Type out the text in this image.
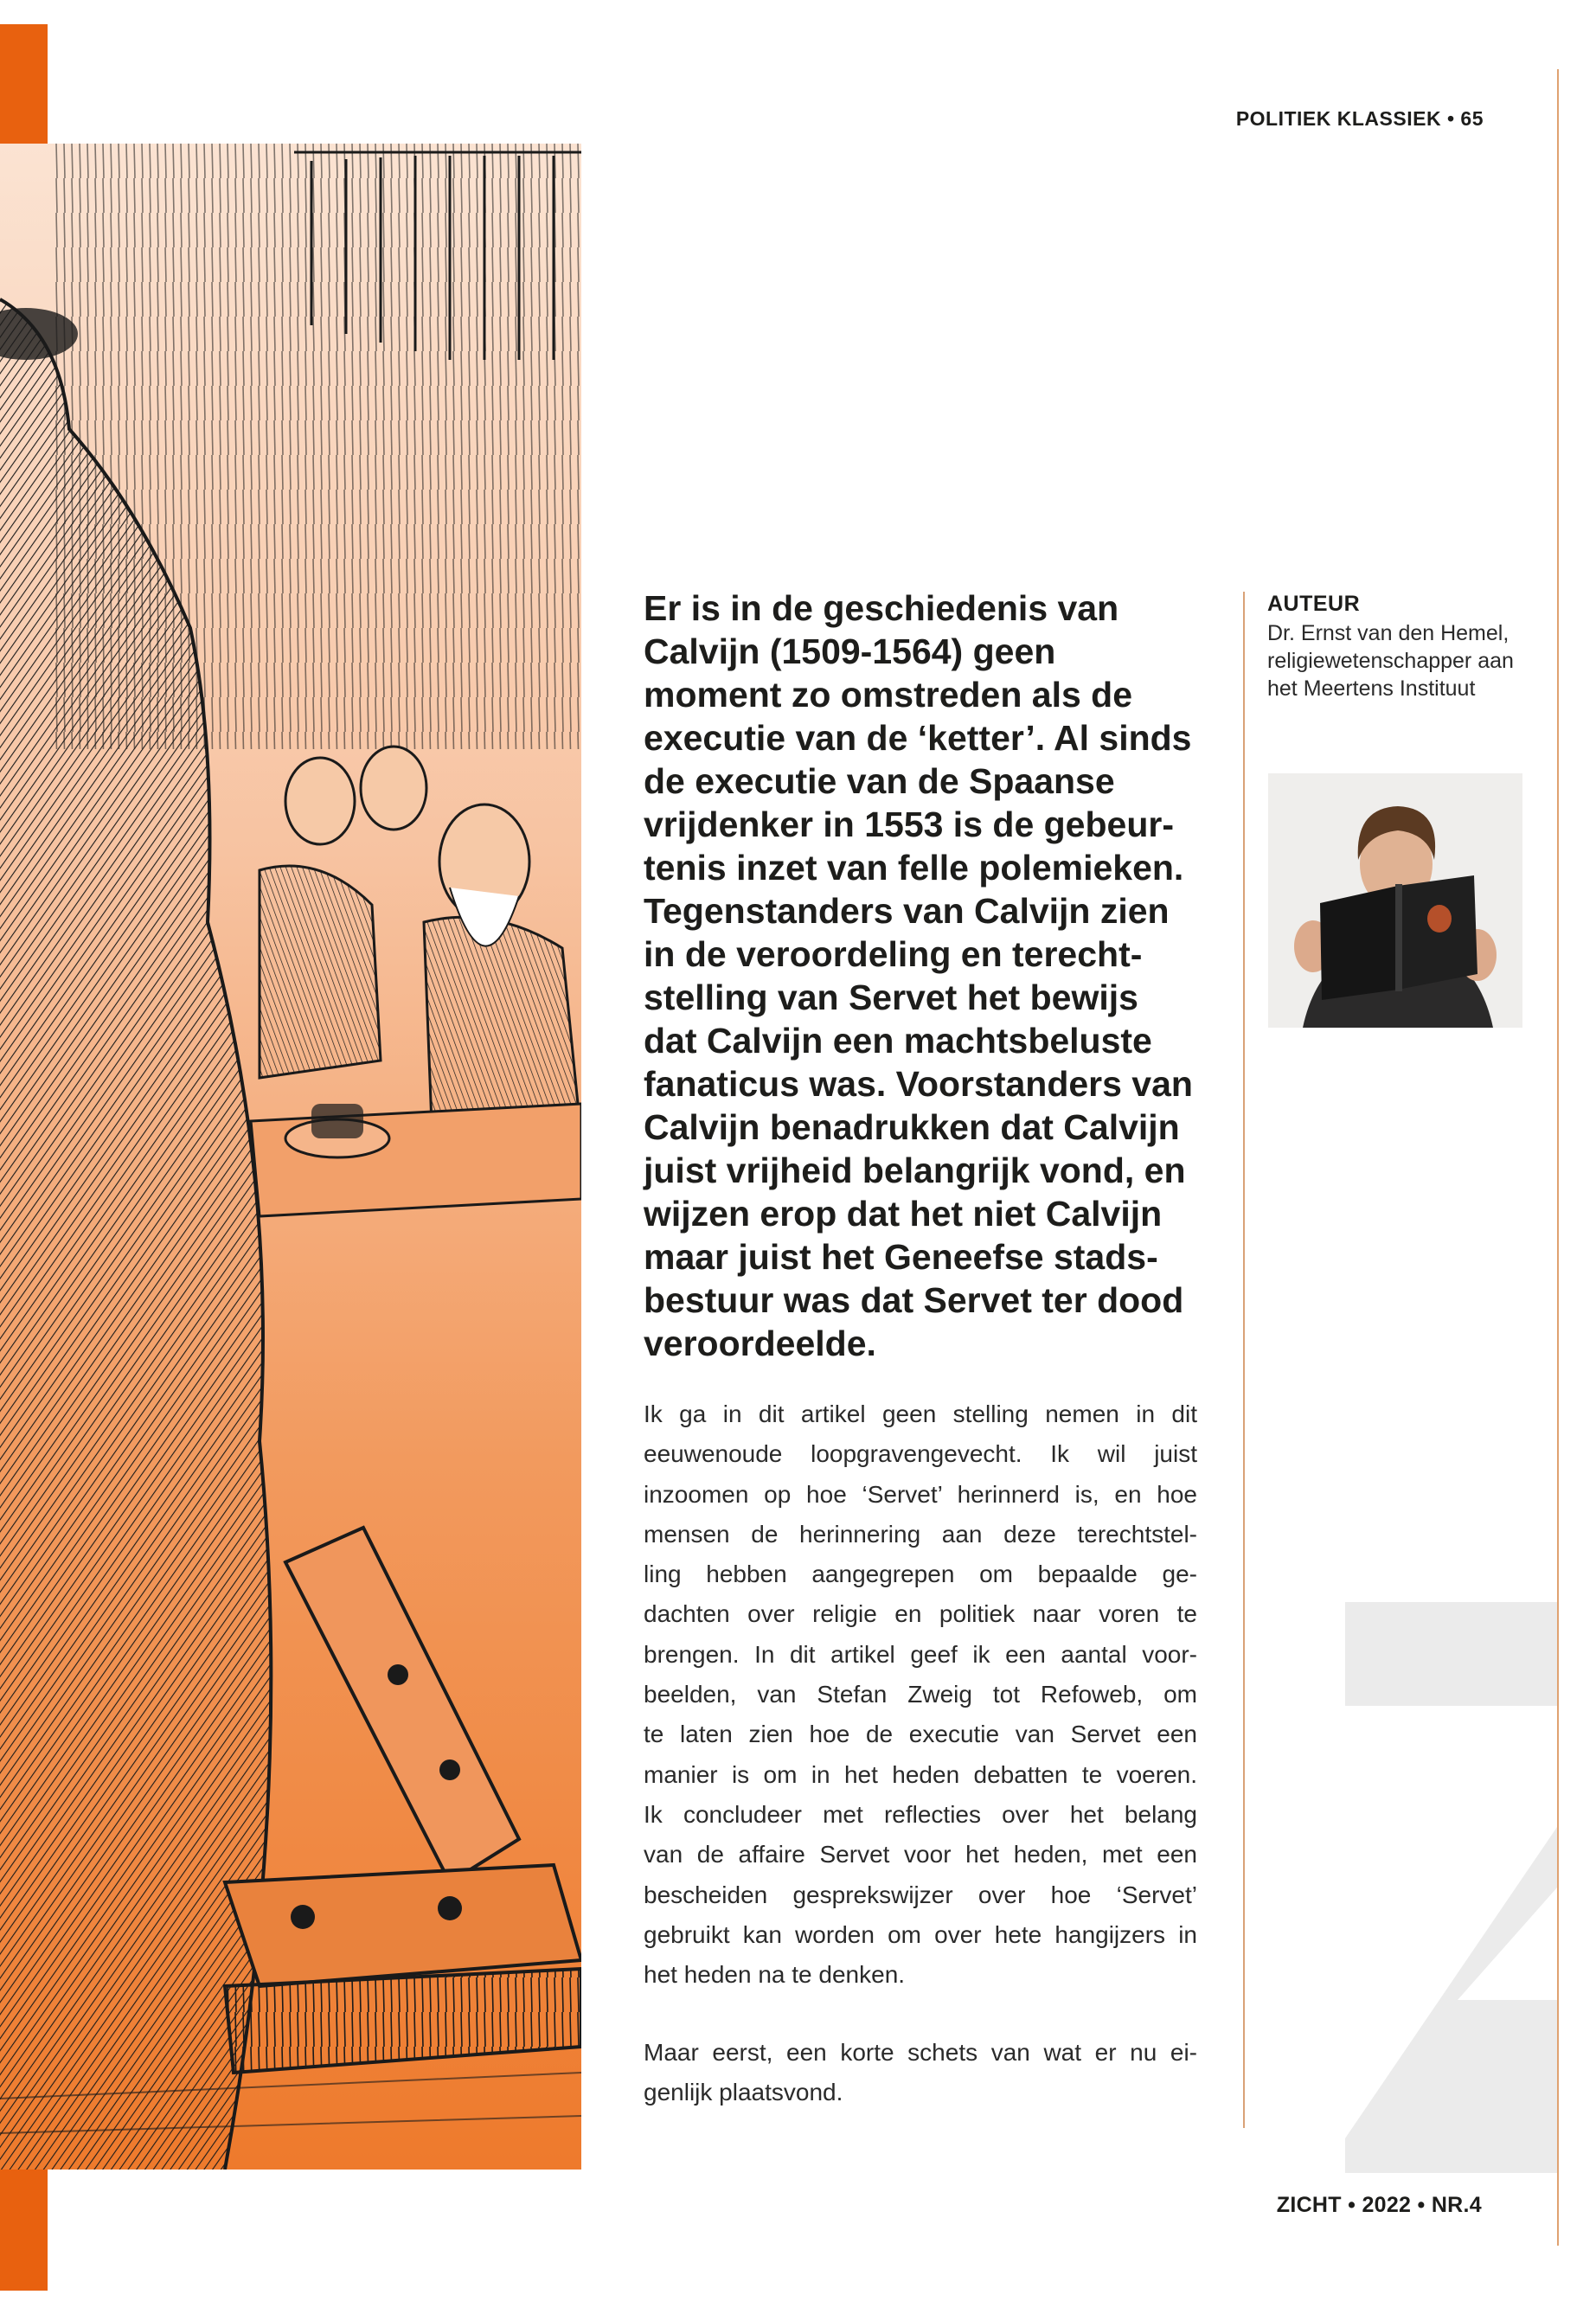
POLITIEK KLASSIEK • 65

Er is in de geschiedenis van
Calvijn (1509-1564) geen
moment zo omstreden als de
executie van de ‘ketter’. Al sinds
de executie van de Spaanse
vrijdenker in 1553 is de gebeur-
tenis inzet van felle polemieken.
Tegenstanders van Calvijn zien
in de veroordeling en terecht-
stelling van Servet het bewijs
dat Calvijn een machtsbeluste
fanaticus was. Voorstanders van
Calvijn benadrukken dat Calvijn
juist vrijheid belangrijk vond, en
wijzen erop dat het niet Calvijn
maar juist het Geneefse stads-
bestuur was dat Servet ter dood
veroordeelde.

Ik ga in dit artikel geen stelling nemen in dit
eeuwenoude loopgravengevecht. Ik wil juist
inzoomen op hoe ‘Servet’ herinnerd is, en hoe
mensen de herinnering aan deze terechtstel-
ling hebben aangegrepen om bepaalde ge-
dachten over religie en politiek naar voren te
brengen. In dit artikel geef ik een aantal voor-
beelden, van Stefan Zweig tot Refoweb, om
te laten zien hoe de executie van Servet een
manier is om in het heden debatten te voeren.
Ik concludeer met reflecties over het belang
van de affaire Servet voor het heden, met een
bescheiden gesprekswijzer over hoe ‘Servet’
gebruikt kan worden om over hete hangijzers in
het heden na te denken.

Maar eerst, een korte schets van wat er nu ei-
genlijk plaatsvond.

AUTEUR
Dr. Ernst van den Hemel,
religiewetenschapper aan
het Meertens Instituut
ZICHT • 2022 • NR.4
